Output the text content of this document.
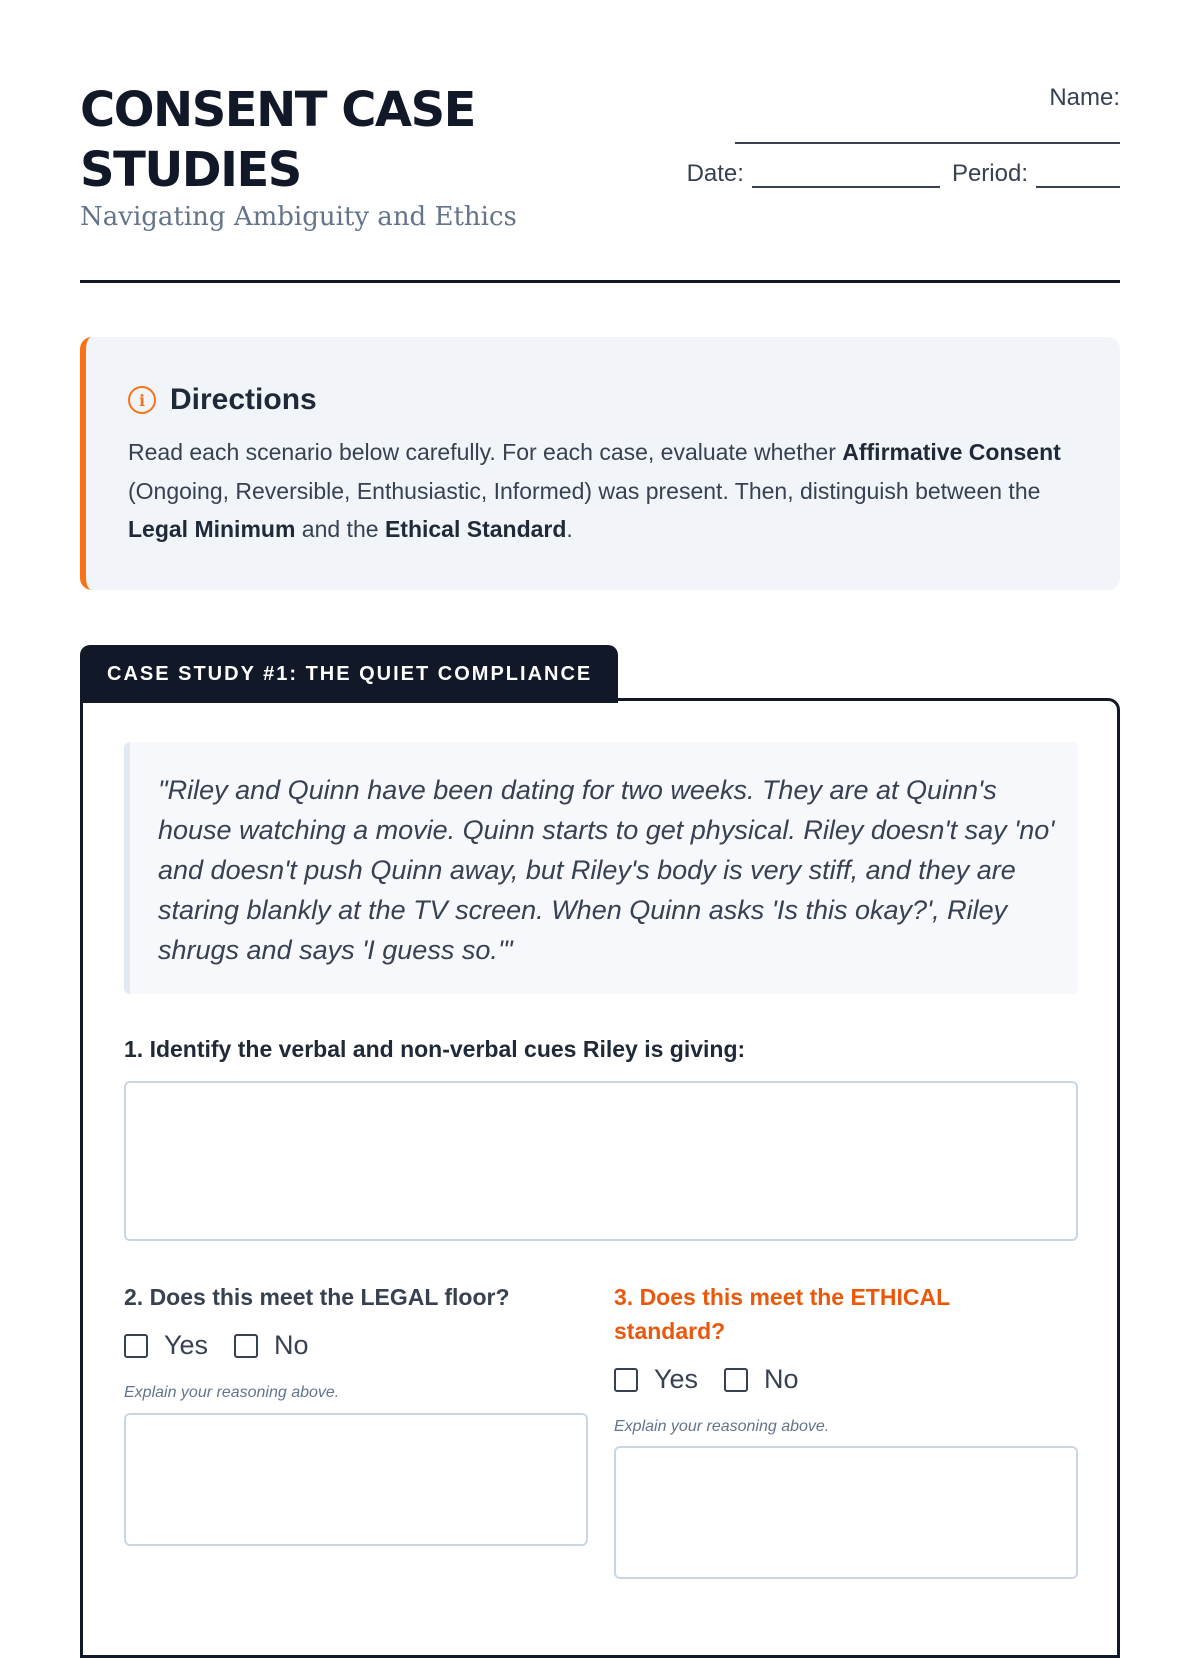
CONSENT CASE STUDIES

Navigating Ambiguity and Ethics

Name:
Date:	Period:
i Directions

Read each scenario below carefully. For each case, evaluate whether Affirmative Consent (Ongoing, Reversible, Enthusiastic, Informed) was present. Then, distinguish between the Legal Minimum and the Ethical Standard.

CASE STUDY #1: THE QUIET COMPLIANCE

"Riley and Quinn have been dating for two weeks. They are at Quinn's house watching a movie. Quinn starts to get physical. Riley doesn't say 'no' and doesn't push Quinn away, but Riley's body is very stiff, and they are staring blankly at the TV screen. When Quinn asks 'Is this okay?', Riley shrugs and says 'I guess so.'"

1. Identify the verbal and non-verbal cues Riley is giving:

2. Does this meet the LEGAL floor?

Yes No
Explain your reasoning above.

3. Does this meet the ETHICAL standard?

Yes No
Explain your reasoning above.
